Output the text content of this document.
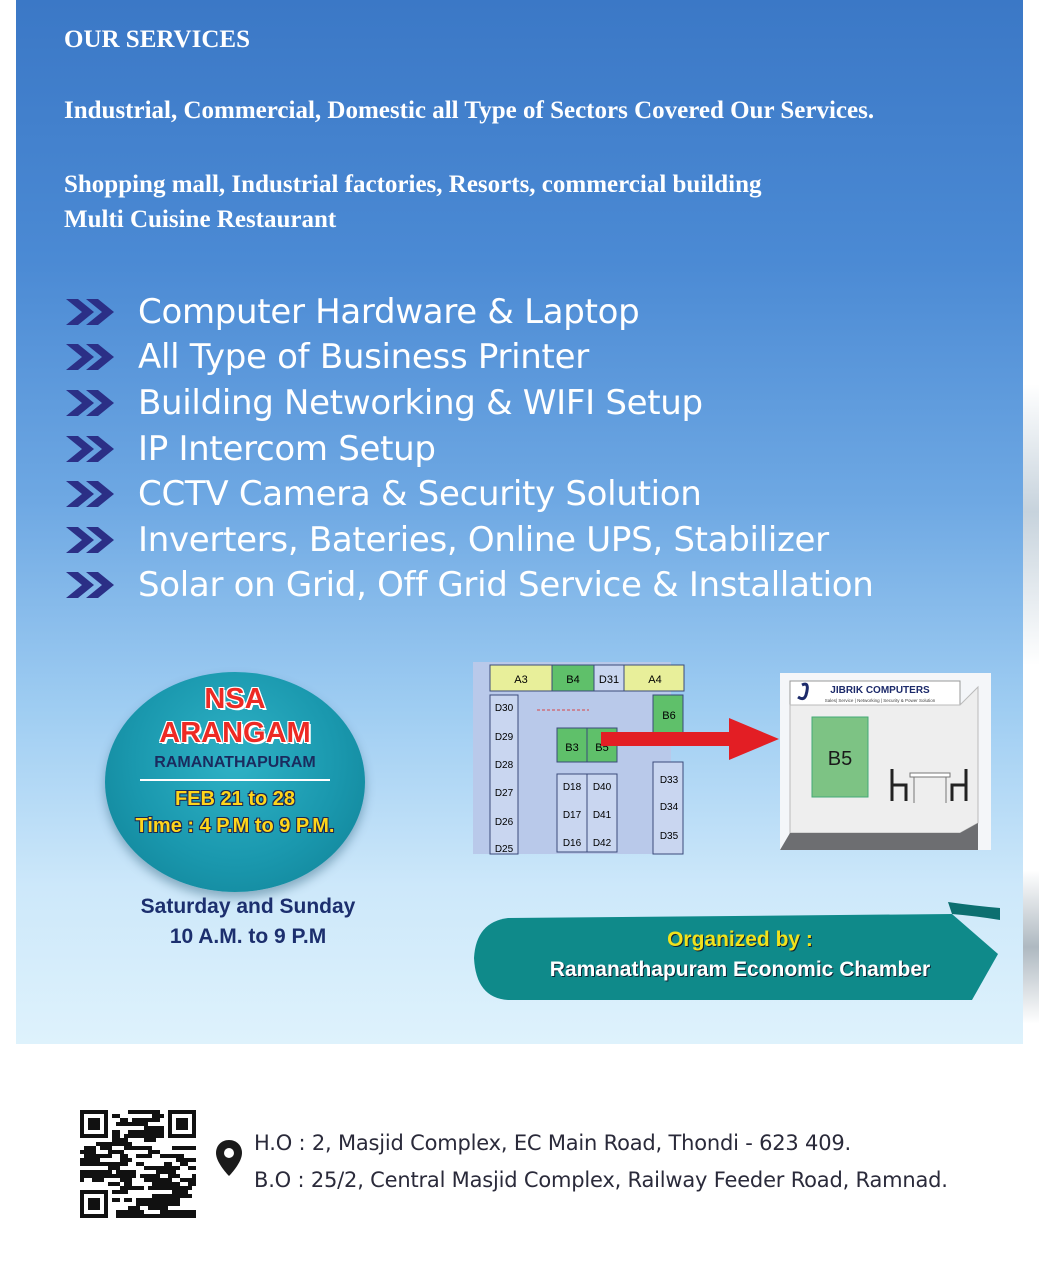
OUR SERVICES

Industrial, Commercial, Domestic all Type of Sectors Covered Our Services.

Shopping mall, Industrial factories, Resorts, commercial building
Multi Cuisine Restaurant

Computer Hardware & Laptop
All Type of Business Printer
Building Networking & WIFI Setup
IP Intercom Setup
CCTV Camera & Security Solution
Inverters, Bateries, Online UPS, Stabilizer
Solar on Grid, Off Grid Service & Installation
NSA
ARANGAM
RAMANATHAPURAM
FEB 21 to 28
Time : 4 P.M to 9 P.M.
Saturday and Sunday
10 A.M. to 9 P.M
A3	B4 D31	A4
D30
D29
D28
D27
D26
D25
B3 B5
D18 D40
D17 D41
D16 D42
B6
D33
D34
D35
B5
JIBRIK COMPUTERS
Sales| Service | Networking | Security & Power Solution
Organized by :
Ramanathapuram Economic Chamber
H.O : 2, Masjid Complex, EC Main Road, Thondi - 623 409.
B.O : 25/2, Central Masjid Complex, Railway Feeder Road, Ramnad.
